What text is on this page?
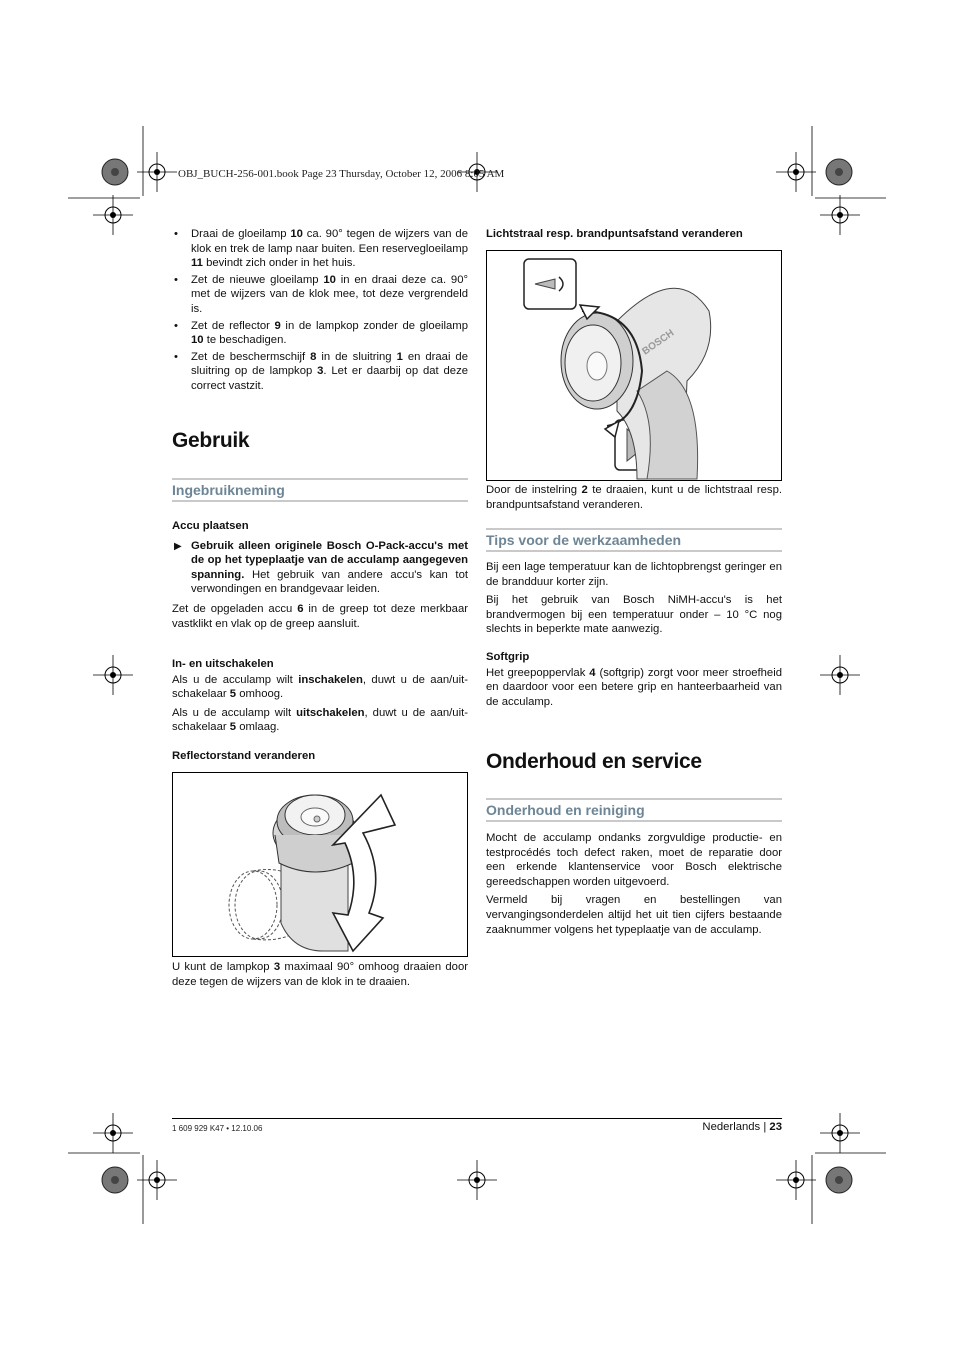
OBJ_BUCH-256-001.book Page 23 Thursday, October 12, 2006 8:05 AM

• Draai de gloeilamp 10 ca. 90° tegen de wijzers van de klok en trek de lamp naar buiten. Een reservegloeilamp 11 bevindt zich onder in het huis.

• Zet de nieuwe gloeilamp 10 in en draai deze ca. 90° met de wijzers van de klok mee, tot deze vergrendeld is.

• Zet de reflector 9 in de lampkop zonder de gloeilamp 10 te beschadigen.

• Zet de beschermschijf 8 in de sluitring 1 en draai de sluitring op de lampkop 3. Let er daarbij op dat deze correct vastzit.

Gebruik

Ingebruikneming

Accu plaatsen

▶ Gebruik alleen originele Bosch O-Pack-accu's met de op het typeplaatje van de acculamp aangegeven spanning. Het gebruik van andere accu's kan tot verwondingen en brandgevaar leiden.

Zet de opgeladen accu 6 in de greep tot deze merkbaar vastklikt en vlak op de greep aansluit.

In- en uitschakelen

Als u de acculamp wilt inschakelen, duwt u de aan/uit-schakelaar 5 omhoog.

Als u de acculamp wilt uitschakelen, duwt u de aan/uit-schakelaar 5 omlaag.

Reflectorstand veranderen

U kunt de lampkop 3 maximaal 90° omhoog draaien door deze tegen de wijzers van de klok in te draaien.

Lichtstraal resp. brandpuntsafstand veranderen

BOSCH

Door de instelring 2 te draaien, kunt u de lichtstraal resp. brandpuntsafstand veranderen.

Tips voor de werkzaamheden

Bij een lage temperatuur kan de lichtopbrengst geringer en de brandduur korter zijn.

Bij het gebruik van Bosch NiMH-accu's is het brandvermogen bij een temperatuur onder – 10 °C nog slechts in beperkte mate aanwezig.

Softgrip

Het greepoppervlak 4 (softgrip) zorgt voor meer stroefheid en daardoor voor een betere grip en hanteerbaarheid van de acculamp.

Onderhoud en service

Onderhoud en reiniging

Mocht de acculamp ondanks zorgvuldige productie- en testprocédés toch defect raken, moet de reparatie door een erkende klantenservice voor Bosch elektrische gereedschappen worden uitgevoerd.

Vermeld bij vragen en bestellingen van vervangingsonderdelen altijd het uit tien cijfers bestaande zaaknummer volgens het typeplaatje van de acculamp.

1 609 929 K47 • 12.10.06	Nederlands | 23
